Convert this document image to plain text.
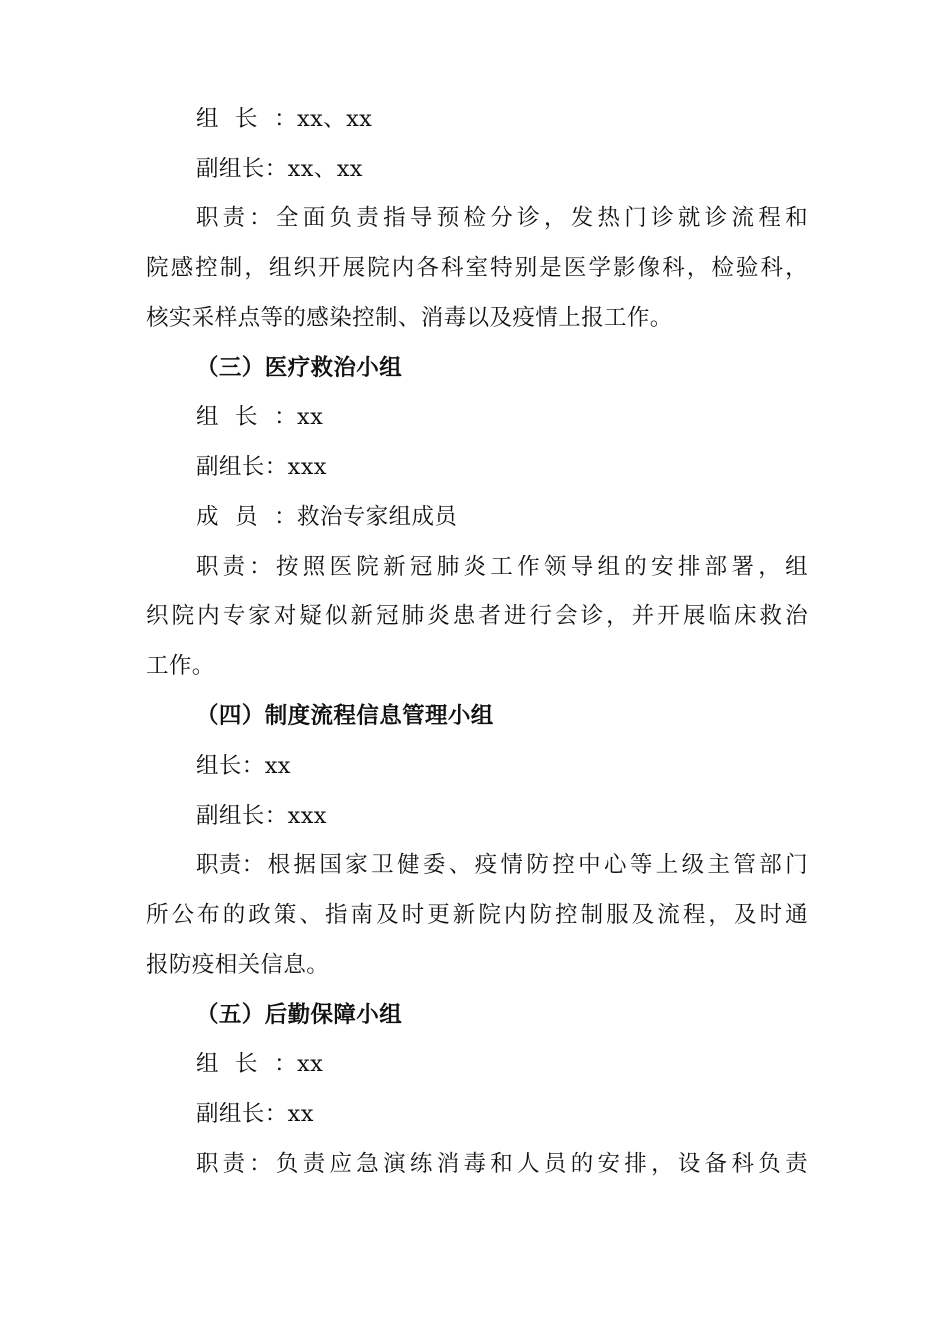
组长：xx、xx
副组长：xx、xx
职责：全面负责指导预检分诊，发热门诊就诊流程和
院感控制，组织开展院内各科室特别是医学影像科，检验科，
核实采样点等的感染控制、消毒以及疫情上报工作。
（三）医疗救治小组
组长：xx
副组长：xxx
成员：救治专家组成员
职责：按照医院新冠肺炎工作领导组的安排部署，组
织院内专家对疑似新冠肺炎患者进行会诊，并开展临床救治
工作。
（四）制度流程信息管理小组
组长：xx
副组长：xxx
职责：根据国家卫健委、疫情防控中心等上级主管部门
所公布的政策、指南及时更新院内防控制服及流程，及时通
报防疫相关信息。
（五）后勤保障小组
组长：xx
副组长：xx
职责：负责应急演练消毒和人员的安排，设备科负责
